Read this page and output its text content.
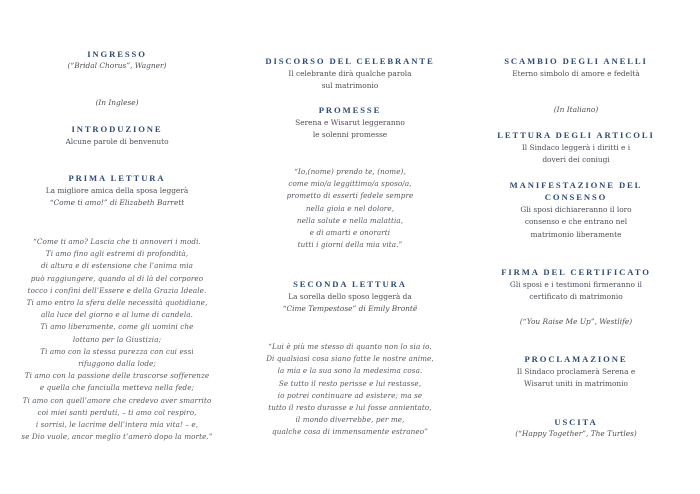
INGRESSO
(“Bridal Chorus”, Wagner)
(In Inglese)
INTRODUZIONE
Alcune parole di benvenuto
PRIMA LETTURA
La migliore amica della sposa leggerà
“Come ti amo!” di Elizabeth Barrett
“Come ti amo? Lascia che ti annoveri i modi.
Ti amo fino agli estremi di profondità,
di altura e di estensione che l’anima mia
può raggiungere, quando al di là del corporeo
tocco i confini dell’Essere e della Grazia Ideale.
Ti amo entro la sfera delle necessità quotidiane,
alla luce del giorno e al lume di candela.
Ti amo liberamente, come gli uomini che
lottano per la Giustizia;
Ti amo con la stessa purezza con cui essi
rifuggono dalla lode;
Ti amo con la passione delle trascorse sofferenze
e quella che fanciulla metteva nella fede;
Ti amo con quell’amore che credevo aver smarrito
coi miei santi perduti, – ti amo col respiro,
i sorrisi, le lacrime dell’intera mia vita! – e,
se Dio vuole, ancor meglio t’amerò dopo la morte.”
DISCORSO DEL CELEBRANTE
Il celebrante dirà qualche parola
sul matrimonio
PROMESSE
Serena e Wisarut leggeranno
le solenni promesse
“Io,(nome) prendo te, (nome),
come mio/a leggittimo/a sposo/a,
prometto di esserti fedele sempre
nella gioia e nel dolore,
nella salute e nella malattia,
e di amarti e onorarti
tutti i giorni della mia vita.”
SECONDA LETTURA
La sorella dello sposo leggerà da
“Cime Tempestose” di Emily Brontë
“Lui è più me stesso di quanto non lo sia io.
Di qualsiasi cosa siano fatte le nostre anime,
la mia e la sua sono la medesima cosa.
Se tutto il resto perisse e lui restasse,
io potrei continuare ad esistere; ma se
tutto il resto durasse e lui fosse annientato,
il mondo diverrebbe, per me,
qualche cosa di immensamente estraneo”
SCAMBIO DEGLI ANELLI
Eterno simbolo di amore e fedeltà
(In Italiano)
LETTURA DEGLI ARTICOLI
Il Sindaco leggerà i diritti e i
doveri dei coniugi
MANIFESTAZIONE DEL
CONSENSO
Gli sposi dichiareranno il loro
consenso e che entrano nel
matrimonio liberamente
FIRMA DEL CERTIFICATO
Gli sposi e i testimoni firmeranno il
certificato di matrimonio
(“You Raise Me Up”, Westlife)
PROCLAMAZIONE
Il Sindaco proclamerà Serena e
Wisarut uniti in matrimonio
USCITA
(“Happy Together”, The Turtles)
